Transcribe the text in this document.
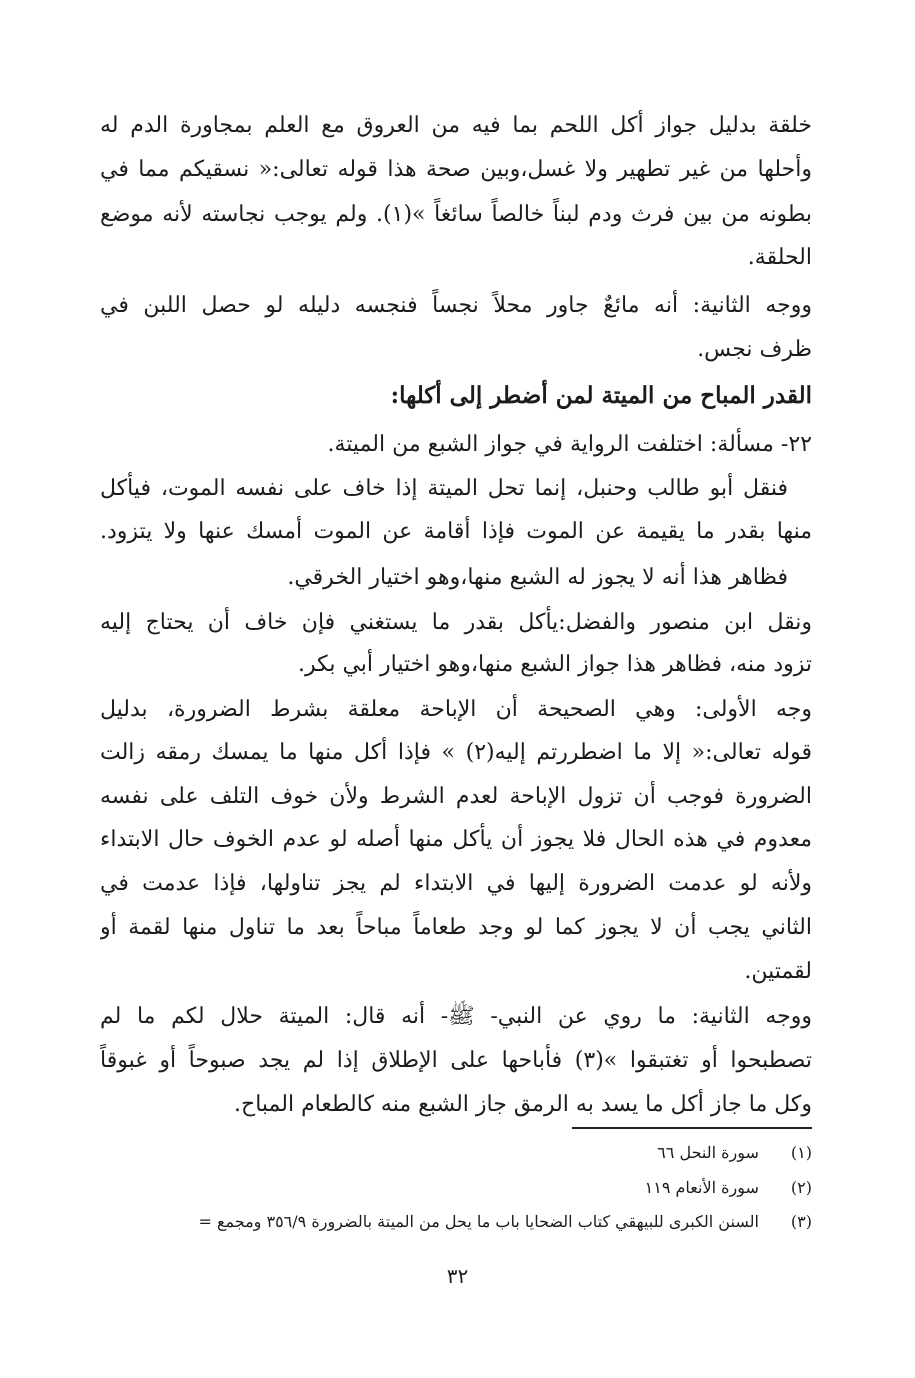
خلقة بدليل جواز أكل اللحم بما فيه من العروق مع العلم بمجاورة الدم له
وأحلها من غير تطهير ولا غسل،وبين صحة هذا قوله تعالى:« نسقيكم مما في
بطونه من بين فرث ودم لبناً خالصاً سائغاً »(١). ولم يوجب نجاسته لأنه موضع
الحلقة.
ووجه الثانية: أنه مائعٌ جاور محلاً نجساً فنجسه دليله لو حصل اللبن في
ظرف نجس.
القدر المباح من الميتة لمن أضطر إلى أكلها:
٢٢- مسألة: اختلفت الرواية في جواز الشبع من الميتة.
فنقل أبو طالب وحنبل، إنما تحل الميتة إذا خاف على نفسه الموت، فيأكل
منها بقدر ما يقيمة عن الموت فإذا أقامة عن الموت أمسك عنها ولا يتزود.
فظاهر هذا أنه لا يجوز له الشبع منها،وهو اختيار الخرقي.
ونقل ابن منصور والفضل:يأكل بقدر ما يستغني فإن خاف أن يحتاج إليه
تزود منه، فظاهر هذا جواز الشبع منها،وهو اختيار أبي بكر.
وجه الأولى: وهي الصحيحة أن الإباحة معلقة بشرط الضرورة، بدليل
قوله تعالى:« إلا ما اضطررتم إليه(٢) » فإذا أكل منها ما يمسك رمقه زالت
الضرورة فوجب أن تزول الإباحة لعدم الشرط ولأن خوف التلف على نفسه
معدوم في هذه الحال فلا يجوز أن يأكل منها أصله لو عدم الخوف حال الابتداء
ولأنه لو عدمت الضرورة إليها في الابتداء لم يجز تناولها، فإذا عدمت في
الثاني يجب أن لا يجوز كما لو وجد طعاماً مباحاً بعد ما تناول منها لقمة أو
لقمتين.
ووجه الثانية: ما روي عن النبي- ﷺ- أنه قال: الميتة حلال لكم ما لم
تصطبحوا أو تغتبقوا »(٣) فأباحها على الإطلاق إذا لم يجد صبوحاً أو غبوقاً
وكل ما جاز أكل ما يسد به الرمق جاز الشبع منه كالطعام المباح.
(١) سورة النحل ٦٦
(٢) سورة الأنعام ١١٩
(٣) السنن الكبرى للبيهقي كتاب الضحايا باب ما يحل من الميتة بالضرورة ٣٥٦/٩ ومجمع =
٣٢
